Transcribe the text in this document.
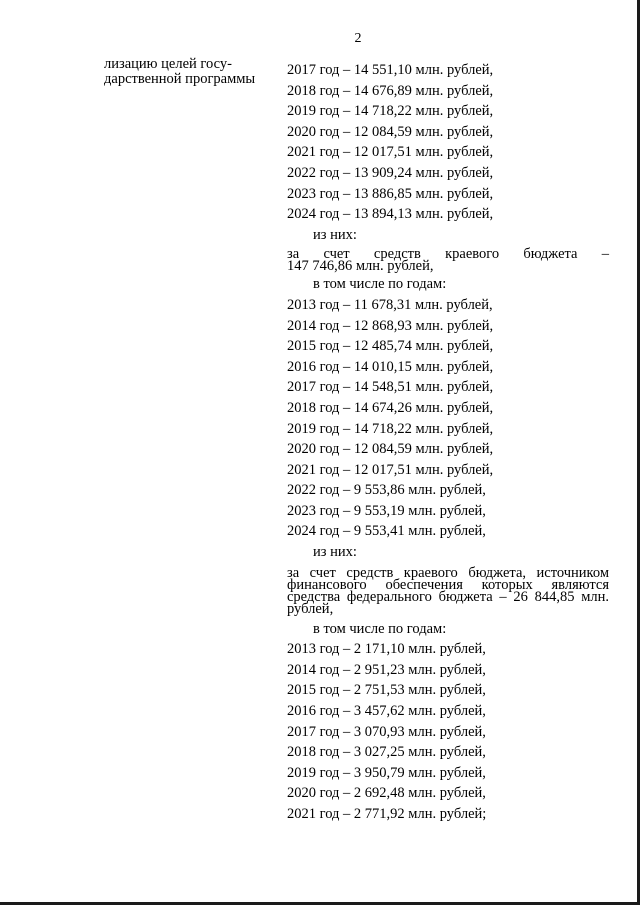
2
лизацию целей госу-
дарственной программы
2017 год – 14 551,10 млн. рублей,
2018 год – 14 676,89 млн. рублей,
2019 год – 14 718,22 млн. рублей,
2020 год – 12 084,59 млн. рублей,
2021 год – 12 017,51 млн. рублей,
2022 год – 13 909,24 млн. рублей,
2023 год – 13 886,85 млн. рублей,
2024 год – 13 894,13 млн. рублей,
из них:
за счет средств краевого бюджета –
147 746,86 млн. рублей,
в том числе по годам:
2013 год – 11 678,31 млн. рублей,
2014 год – 12 868,93 млн. рублей,
2015 год – 12 485,74 млн. рублей,
2016 год – 14 010,15 млн. рублей,
2017 год – 14 548,51 млн. рублей,
2018 год – 14 674,26 млн. рублей,
2019 год – 14 718,22 млн. рублей,
2020 год – 12 084,59 млн. рублей,
2021 год – 12 017,51 млн. рублей,
2022 год – 9 553,86 млн. рублей,
2023 год – 9 553,19 млн. рублей,
2024 год – 9 553,41 млн. рублей,
из них:
за счет средств краевого бюджета, источником
финансового обеспечения которых являются
средства федерального бюджета – 26 844,85 млн.
рублей,
в том числе по годам:
2013 год – 2 171,10 млн. рублей,
2014 год – 2 951,23 млн. рублей,
2015 год – 2 751,53 млн. рублей,
2016 год – 3 457,62 млн. рублей,
2017 год – 3 070,93 млн. рублей,
2018 год – 3 027,25 млн. рублей,
2019 год – 3 950,79 млн. рублей,
2020 год – 2 692,48 млн. рублей,
2021 год – 2 771,92 млн. рублей;
